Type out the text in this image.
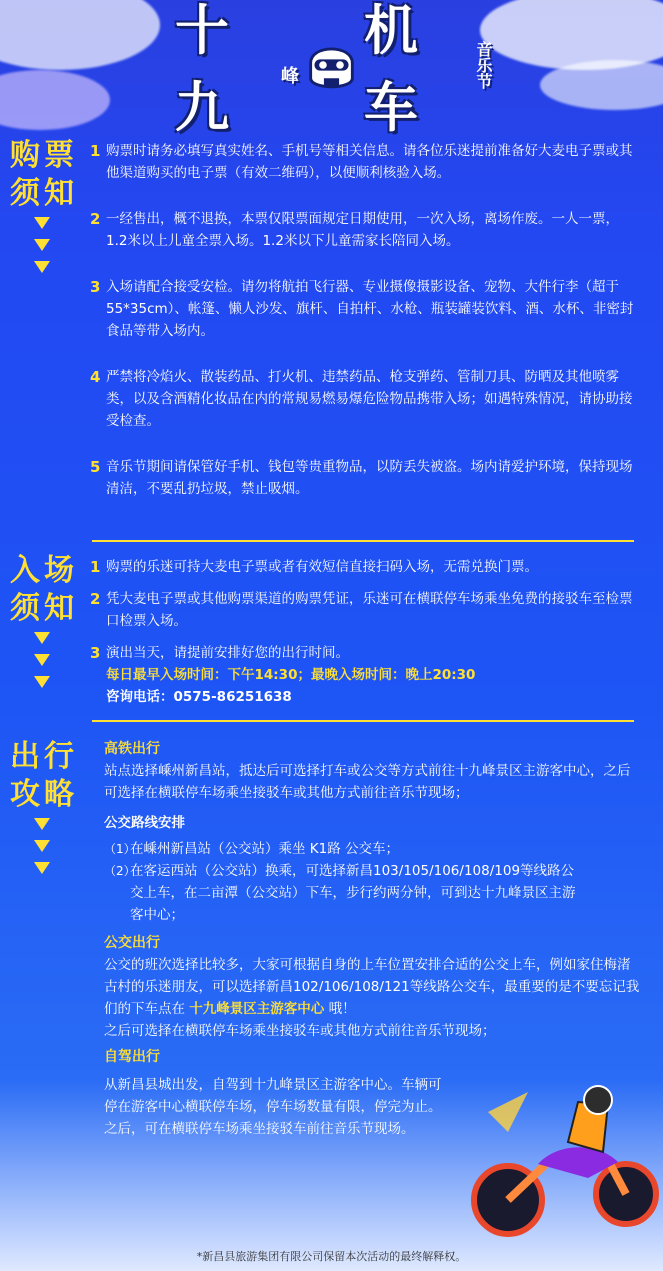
十九	峰
机车
音乐节
购票须知
1 购票时请务必填写真实姓名、手机号等相关信息。请各位乐迷提前准备好大麦电子票或其他渠道购买的电子票（有效二维码），以便顺利核验入场。
2 一经售出，概不退换，本票仅限票面规定日期使用，一次入场，离场作废。一人一票，1.2米以上儿童全票入场。1.2米以下儿童需家长陪同入场。
3 入场请配合接受安检。请勿将航拍飞行器、专业摄像摄影设备、宠物、大件行李（超于55*35cm）、帐篷、懒人沙发、旗杆、自拍杆、水枪、瓶装罐装饮料、酒、水杯、非密封食品等带入场内。
4 严禁将冷焰火、散装药品、打火机、违禁药品、枪支弹药、管制刀具、防晒及其他喷雾类，以及含酒精化妆品在内的常规易燃易爆危险物品携带入场；如遇特殊情况，请协助接受检查。
5 音乐节期间请保管好手机、钱包等贵重物品，以防丢失被盗。场内请爱护环境，保持现场清洁，不要乱扔垃圾，禁止吸烟。
入场须知
1 购票的乐迷可持大麦电子票或者有效短信直接扫码入场，无需兑换门票。
2 凭大麦电子票或其他购票渠道的购票凭证，乐迷可在横联停车场乘坐免费的接驳车至检票口检票入场。
3 演出当天，请提前安排好您的出行时间。
每日最早入场时间：下午14:30；最晚入场时间：晚上20:30
咨询电话：0575-86251638
出行攻略
高铁出行
站点选择嵊州新昌站，抵达后可选择打车或公交等方式前往十九峰景区主游客中心，之后可选择在横联停车场乘坐接驳车或其他方式前往音乐节现场；
公交路线安排
（1）
在嵊州新昌站（公交站）乘坐 K1路 公交车；
（2）
在客运西站（公交站）换乘，可选择新昌103/105/106/108/109等线路公交上车，在二亩潭（公交站）下车，步行约两分钟，可到达十九峰景区主游客中心；
公交出行
公交的班次选择比较多，大家可根据自身的上车位置安排合适的公交上车，例如家住梅渚古村的乐迷朋友，可以选择新昌102/106/108/121等线路公交车，最重要的是不要忘记我们的下车点在 十九峰景区主游客中心 哦！
之后可选择在横联停车场乘坐接驳车或其他方式前往音乐节现场；
自驾出行
从新昌县城出发，自驾到十九峰景区主游客中心。车辆可停在游客中心横联停车场，停车场数量有限，停完为止。之后，可在横联停车场乘坐接驳车前往音乐节现场。
*新昌县旅游集团有限公司保留本次活动的最终解释权。
